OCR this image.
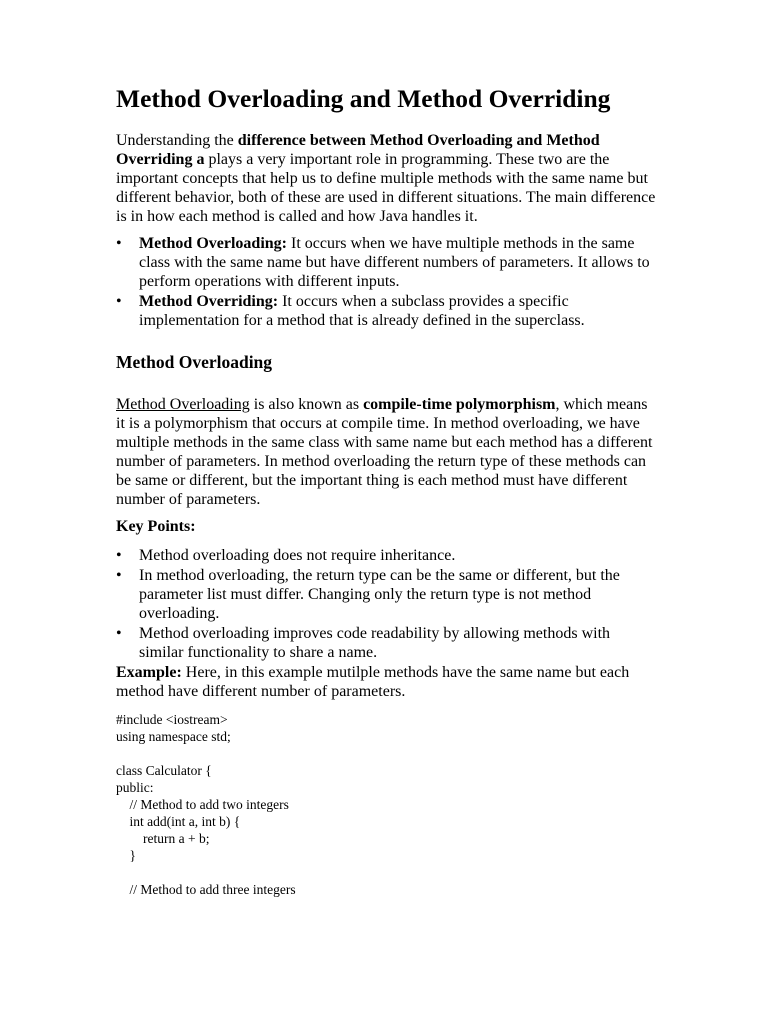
Method Overloading and Method Overriding

Understanding the difference between Method Overloading and Method Overriding a plays a very important role in programming. These two are the important concepts that help us to define multiple methods with the same name but different behavior, both of these are used in different situations. The main difference is in how each method is called and how Java handles it.

•	Method Overloading: It occurs when we have multiple methods in the same class with the same name but have different numbers of parameters. It allows to perform operations with different inputs.
•	Method Overriding: It occurs when a subclass provides a specific implementation for a method that is already defined in the superclass.
Method Overloading

Method Overloading is also known as compile-time polymorphism, which means it is a polymorphism that occurs at compile time. In method overloading, we have multiple methods in the same class with same name but each method has a different number of parameters. In method overloading the return type of these methods can be same or different, but the important thing is each method must have different number of parameters.

Key Points:
•	Method overloading does not require inheritance.
•	In method overloading, the return type can be the same or different, but the parameter list must differ. Changing only the return type is not method overloading.
•	Method overloading improves code readability by allowing methods with similar functionality to share a name.

Example: Here, in this example mutilple methods have the same name but each method have different number of parameters.

#include <iostream>
using namespace std;
class Calculator {
public:
// Method to add two integers
int add(int a, int b) {
return a + b;
}
// Method to add three integers
